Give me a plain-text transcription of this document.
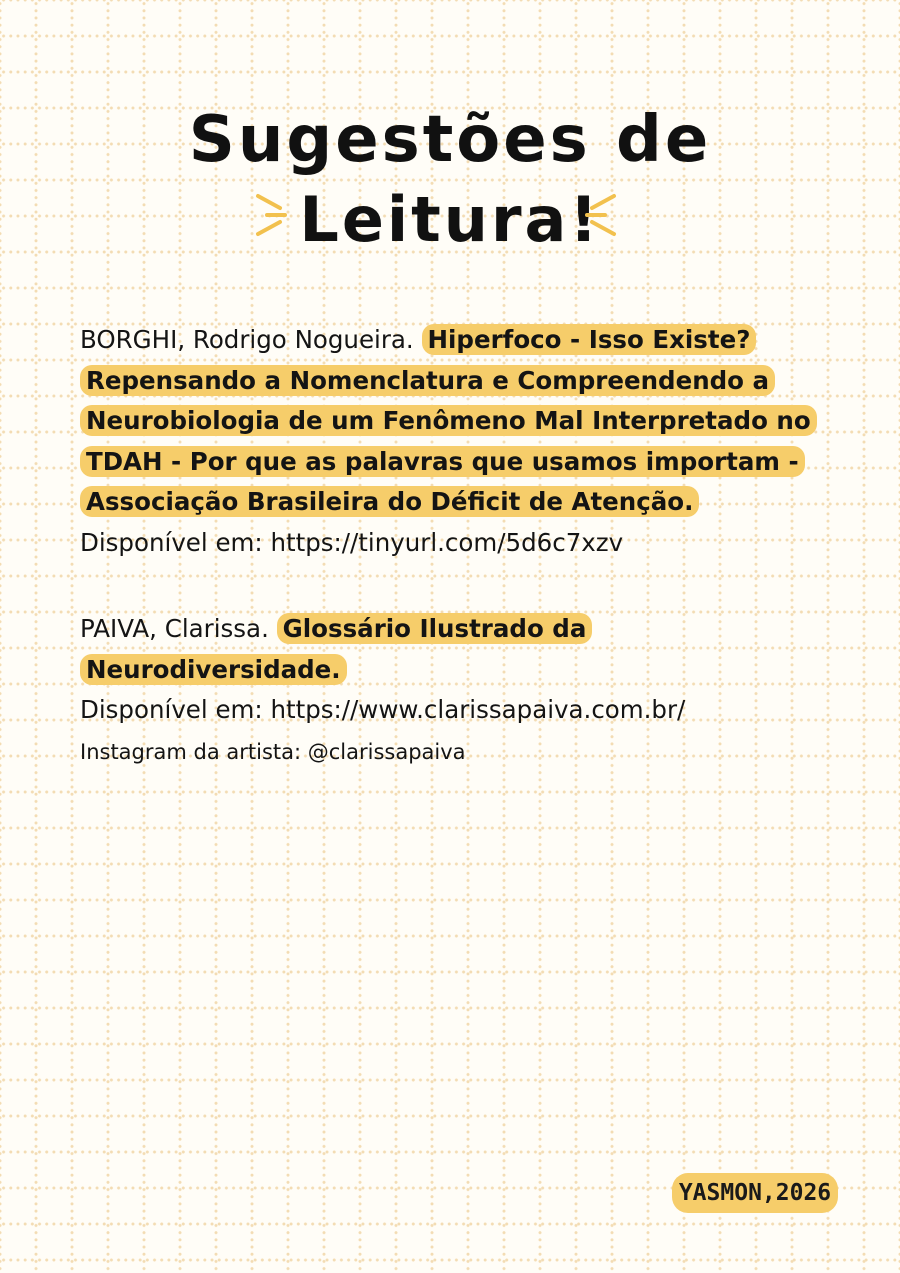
Sugestões de
Leitura!
BORGHI, Rodrigo Nogueira. Hiperfoco - Isso Existe? Repensando a Nomenclatura e Compreendendo a Neurobiologia de um Fenômeno Mal Interpretado no TDAH - Por que as palavras que usamos importam - Associação Brasileira do Déficit de Atenção.
Disponível em: https://tinyurl.com/5d6c7xzv
PAIVA, Clarissa. Glossário Ilustrado da Neurodiversidade.
Disponível em: https://www.clarissapaiva.com.br/
Instagram da artista: @clarissapaiva
YASMON,2026
